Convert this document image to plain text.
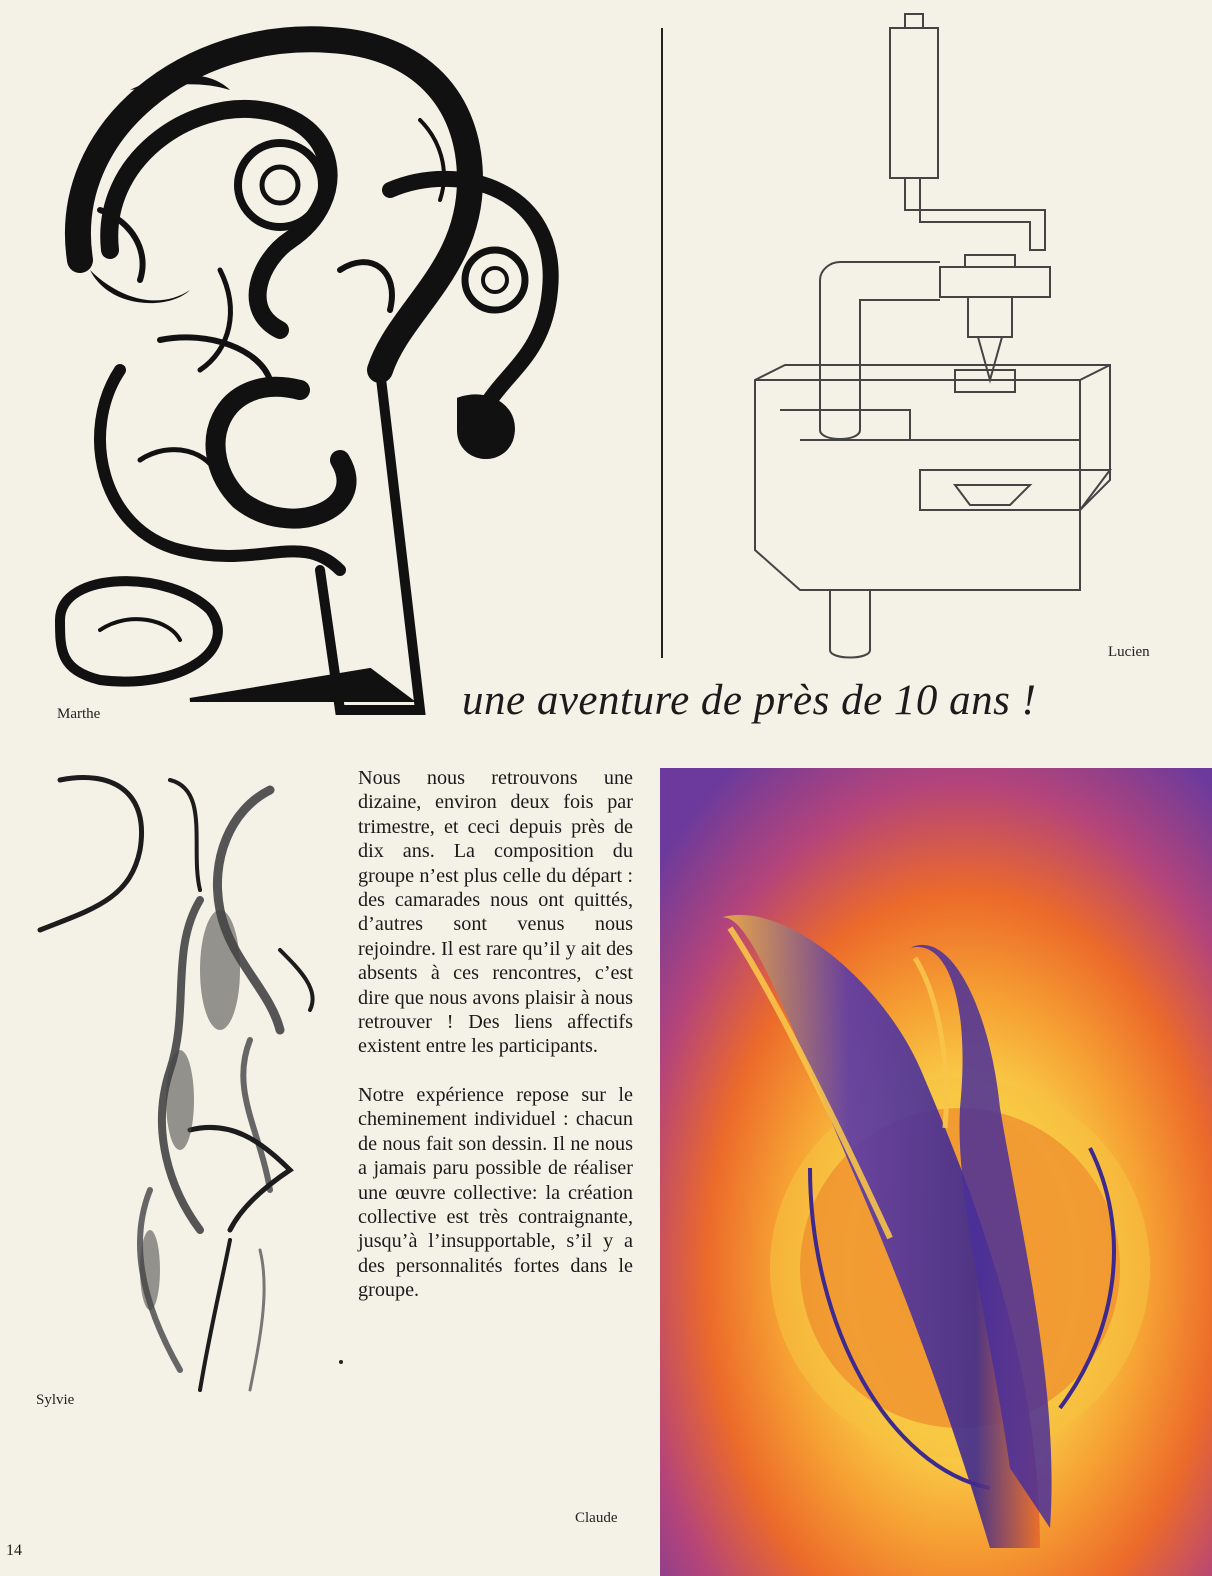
Marthe
Lucien
une aventure de près de 10 ans !
Sylvie

Nous nous retrouvons une dizaine, environ deux fois par trimestre, et ceci depuis près de dix ans. La composition du groupe n’est plus celle du départ : des camarades nous ont quittés, d’autres sont venus nous rejoindre. Il est rare qu’il y ait des absents à ces rencontres, c’est dire que nous avons plaisir à nous retrouver ! Des liens affectifs existent entre les participants.

Notre expérience repose sur le cheminement individuel : chacun de nous fait son dessin. Il ne nous a jamais paru possible de réaliser une œuvre collective: la création collective est très contraignante, jusqu’à l’insupportable, s’il y a des personnalités fortes dans le groupe.

Claude
14
